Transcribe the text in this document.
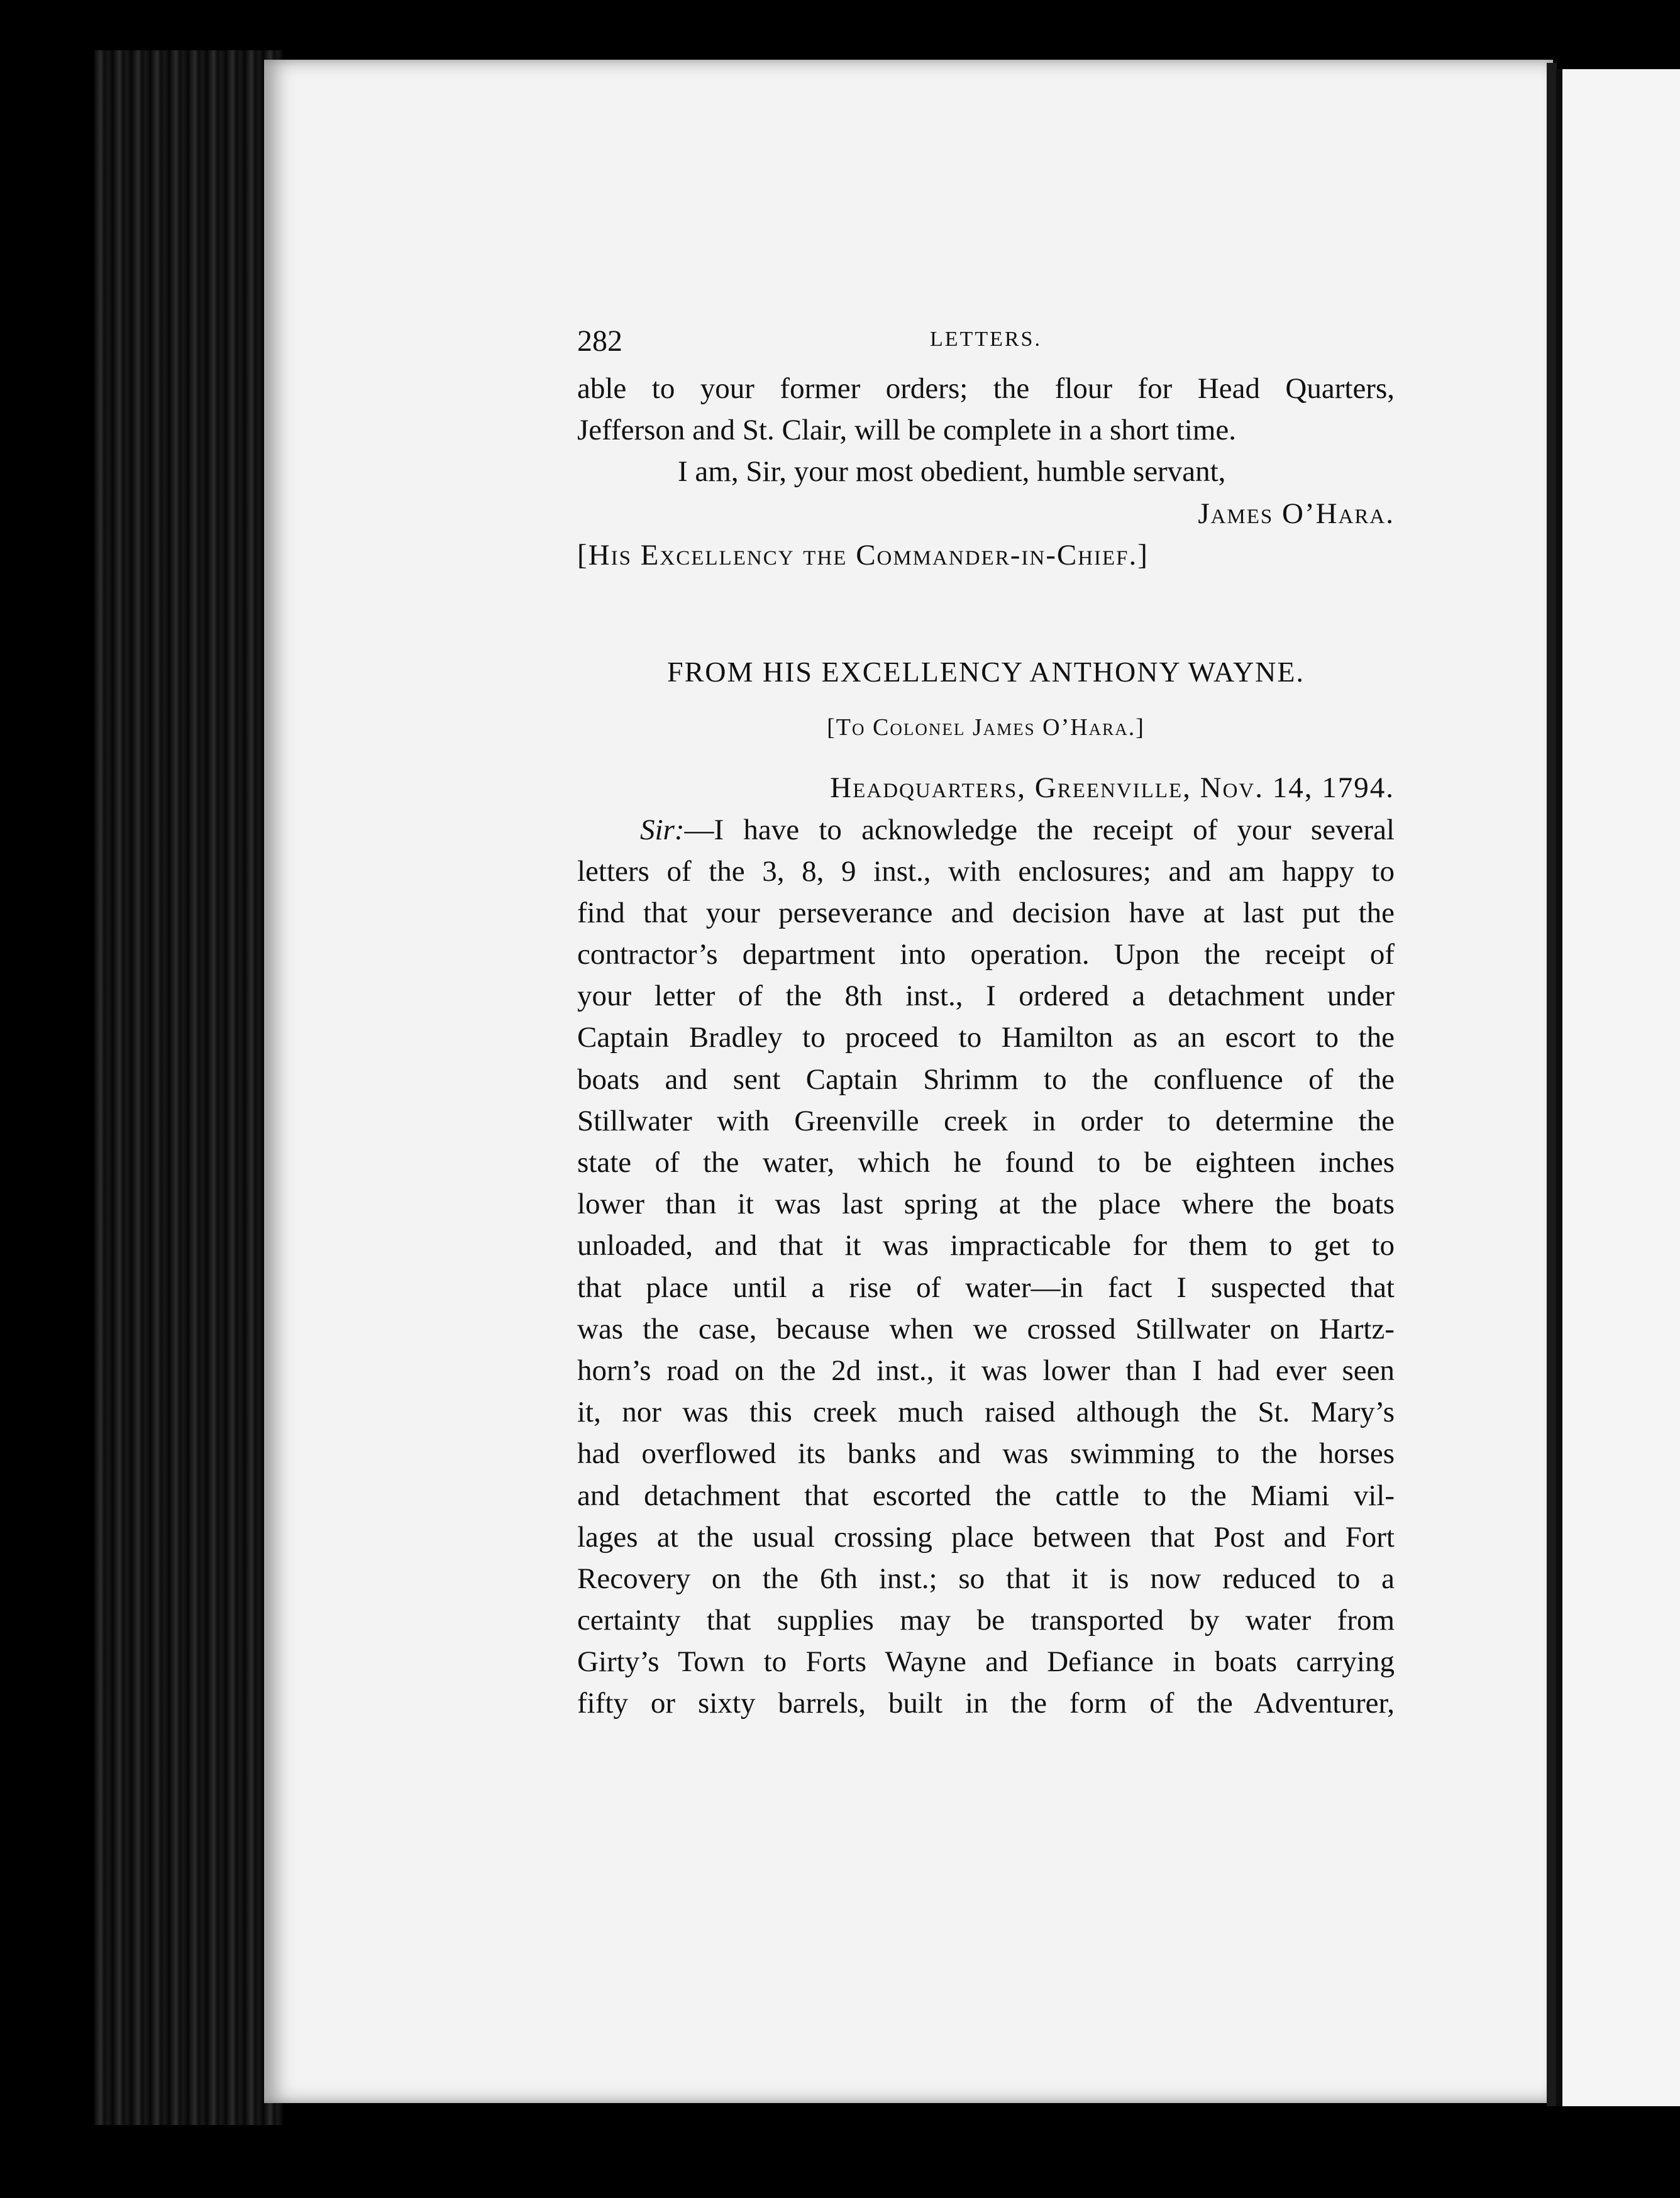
282	LETTERS.
able to your former orders; the flour for Head Quarters,
Jefferson and St. Clair, will be complete in a short time.
I am, Sir, your most obedient, humble servant,
James O’Hara.
[His Excellency the Commander-in-Chief.]
FROM HIS EXCELLENCY ANTHONY WAYNE.
[To Colonel James O’Hara.]
Headquarters, Greenville, Nov. 14, 1794.
Sir:—I have to acknowledge the receipt of your several
letters of the 3, 8, 9 inst., with enclosures; and am happy to
find that your perseverance and decision have at last put the
contractor’s department into operation. Upon the receipt of
your letter of the 8th inst., I ordered a detachment under
Captain Bradley to proceed to Hamilton as an escort to the
boats and sent Captain Shrimm to the confluence of the
Stillwater with Greenville creek in order to determine the
state of the water, which he found to be eighteen inches
lower than it was last spring at the place where the boats
unloaded, and that it was impracticable for them to get to
that place until a rise of water—in fact I suspected that
was the case, because when we crossed Stillwater on Hartz-
horn’s road on the 2d inst., it was lower than I had ever seen
it, nor was this creek much raised although the St. Mary’s
had overflowed its banks and was swimming to the horses
and detachment that escorted the cattle to the Miami vil-
lages at the usual crossing place between that Post and Fort
Recovery on the 6th inst.; so that it is now reduced to a
certainty that supplies may be transported by water from
Girty’s Town to Forts Wayne and Defiance in boats carrying
fifty or sixty barrels, built in the form of the Adventurer,
